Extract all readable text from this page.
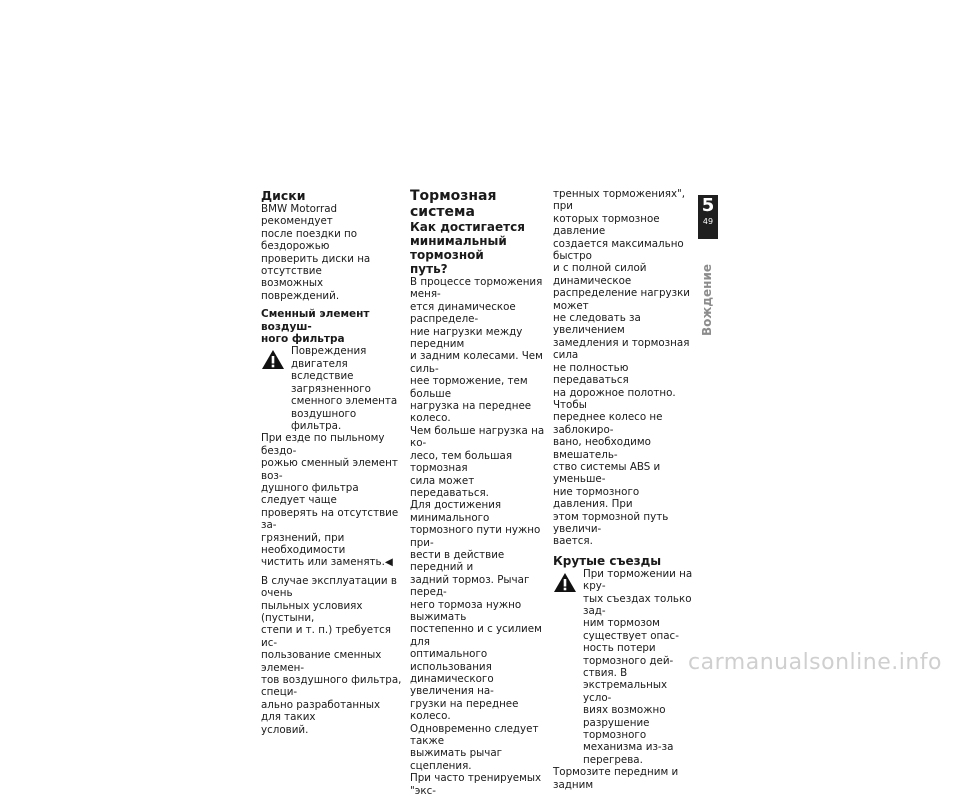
Диски

BMW Motorrad рекомендует
после поездки по бездорожью
проверить диски на отсутствие
возможных повреждений.

Сменный элемент воздуш-
ного фильтра

Повреждения двигателя
вследствие загрязненного
сменного элемента воздушного
фильтра.

При езде по пыльному бездо-
рожью сменный элемент воз-
душного фильтра следует чаще
проверять на отсутствие за-
грязнений, при необходимости
чистить или заменять.◀

В случае эксплуатации в очень
пыльных условиях (пустыни,
степи и т. п.) требуется ис-
пользование сменных элемен-
тов воздушного фильтра, специ-
ально разработанных для таких
условий.

Тормозная система

Как достигается
минимальный тормозной
путь?

В процессе торможения меня-
ется динамическое распределе-
ние нагрузки между передним
и задним колесами. Чем силь-
нее торможение, тем больше
нагрузка на переднее колесо.
Чем больше нагрузка на ко-
лесо, тем большая тормозная
сила может передаваться.

Для достижения минимального
тормозного пути нужно при-
вести в действие передний и
задний тормоз. Рычаг перед-
него тормоза нужно выжимать
постепенно и с усилием для
оптимального использования
динамического увеличения на-
грузки на переднее колесо.
Одновременно следует также
выжимать рычаг сцепления.
При часто тренируемых "экс-

тренных торможениях", при
которых тормозное давление
создается максимально быстро
и с полной силой динамическое
распределение нагрузки может
не следовать за увеличением
замедления и тормозная сила
не полностью передаваться
на дорожное полотно. Чтобы
переднее колесо не заблокиро-
вано, необходимо вмешатель-
ство системы ABS и уменьше-
ние тормозного давления. При
этом тормозной путь увеличи-
вается.

Крутые съезды

При торможении на кру-
тых съездах только зад-
ним тормозом существует опас-
ность потери тормозного дей-
ствия. В экстремальных усло-
виях возможно разрушение
тормозного механизма из-за
перегрева.

Тормозите передним и задним

5
49
Вождение
carmanualsonline.info
